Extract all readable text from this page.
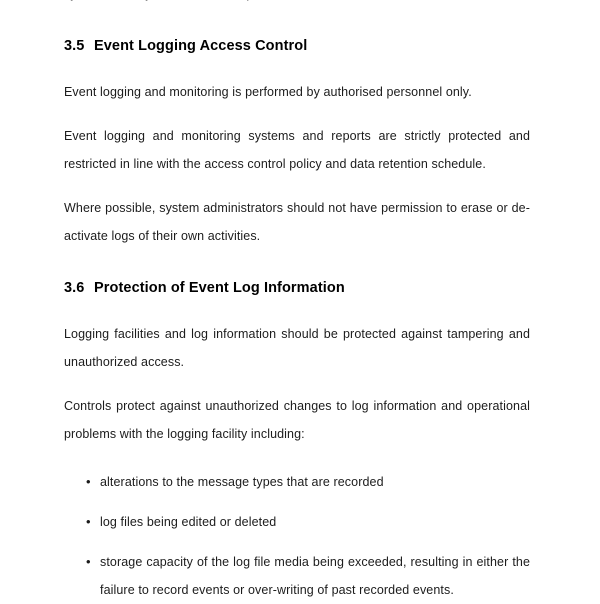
3.5 Event Logging Access Control

Event logging and monitoring is performed by authorised personnel only.

Event logging and monitoring systems and reports are strictly protected and restricted in line with the access control policy and data retention schedule.

Where possible, system administrators should not have permission to erase or de-activate logs of their own activities.

3.6 Protection of Event Log Information

Logging facilities and log information should be protected against tampering and unauthorized access.

Controls protect against unauthorized changes to log information and operational problems with the logging facility including:

• alterations to the message types that are recorded
• log files being edited or deleted
• storage capacity of the log file media being exceeded, resulting in either the failure to record events or over-writing of past recorded events.
